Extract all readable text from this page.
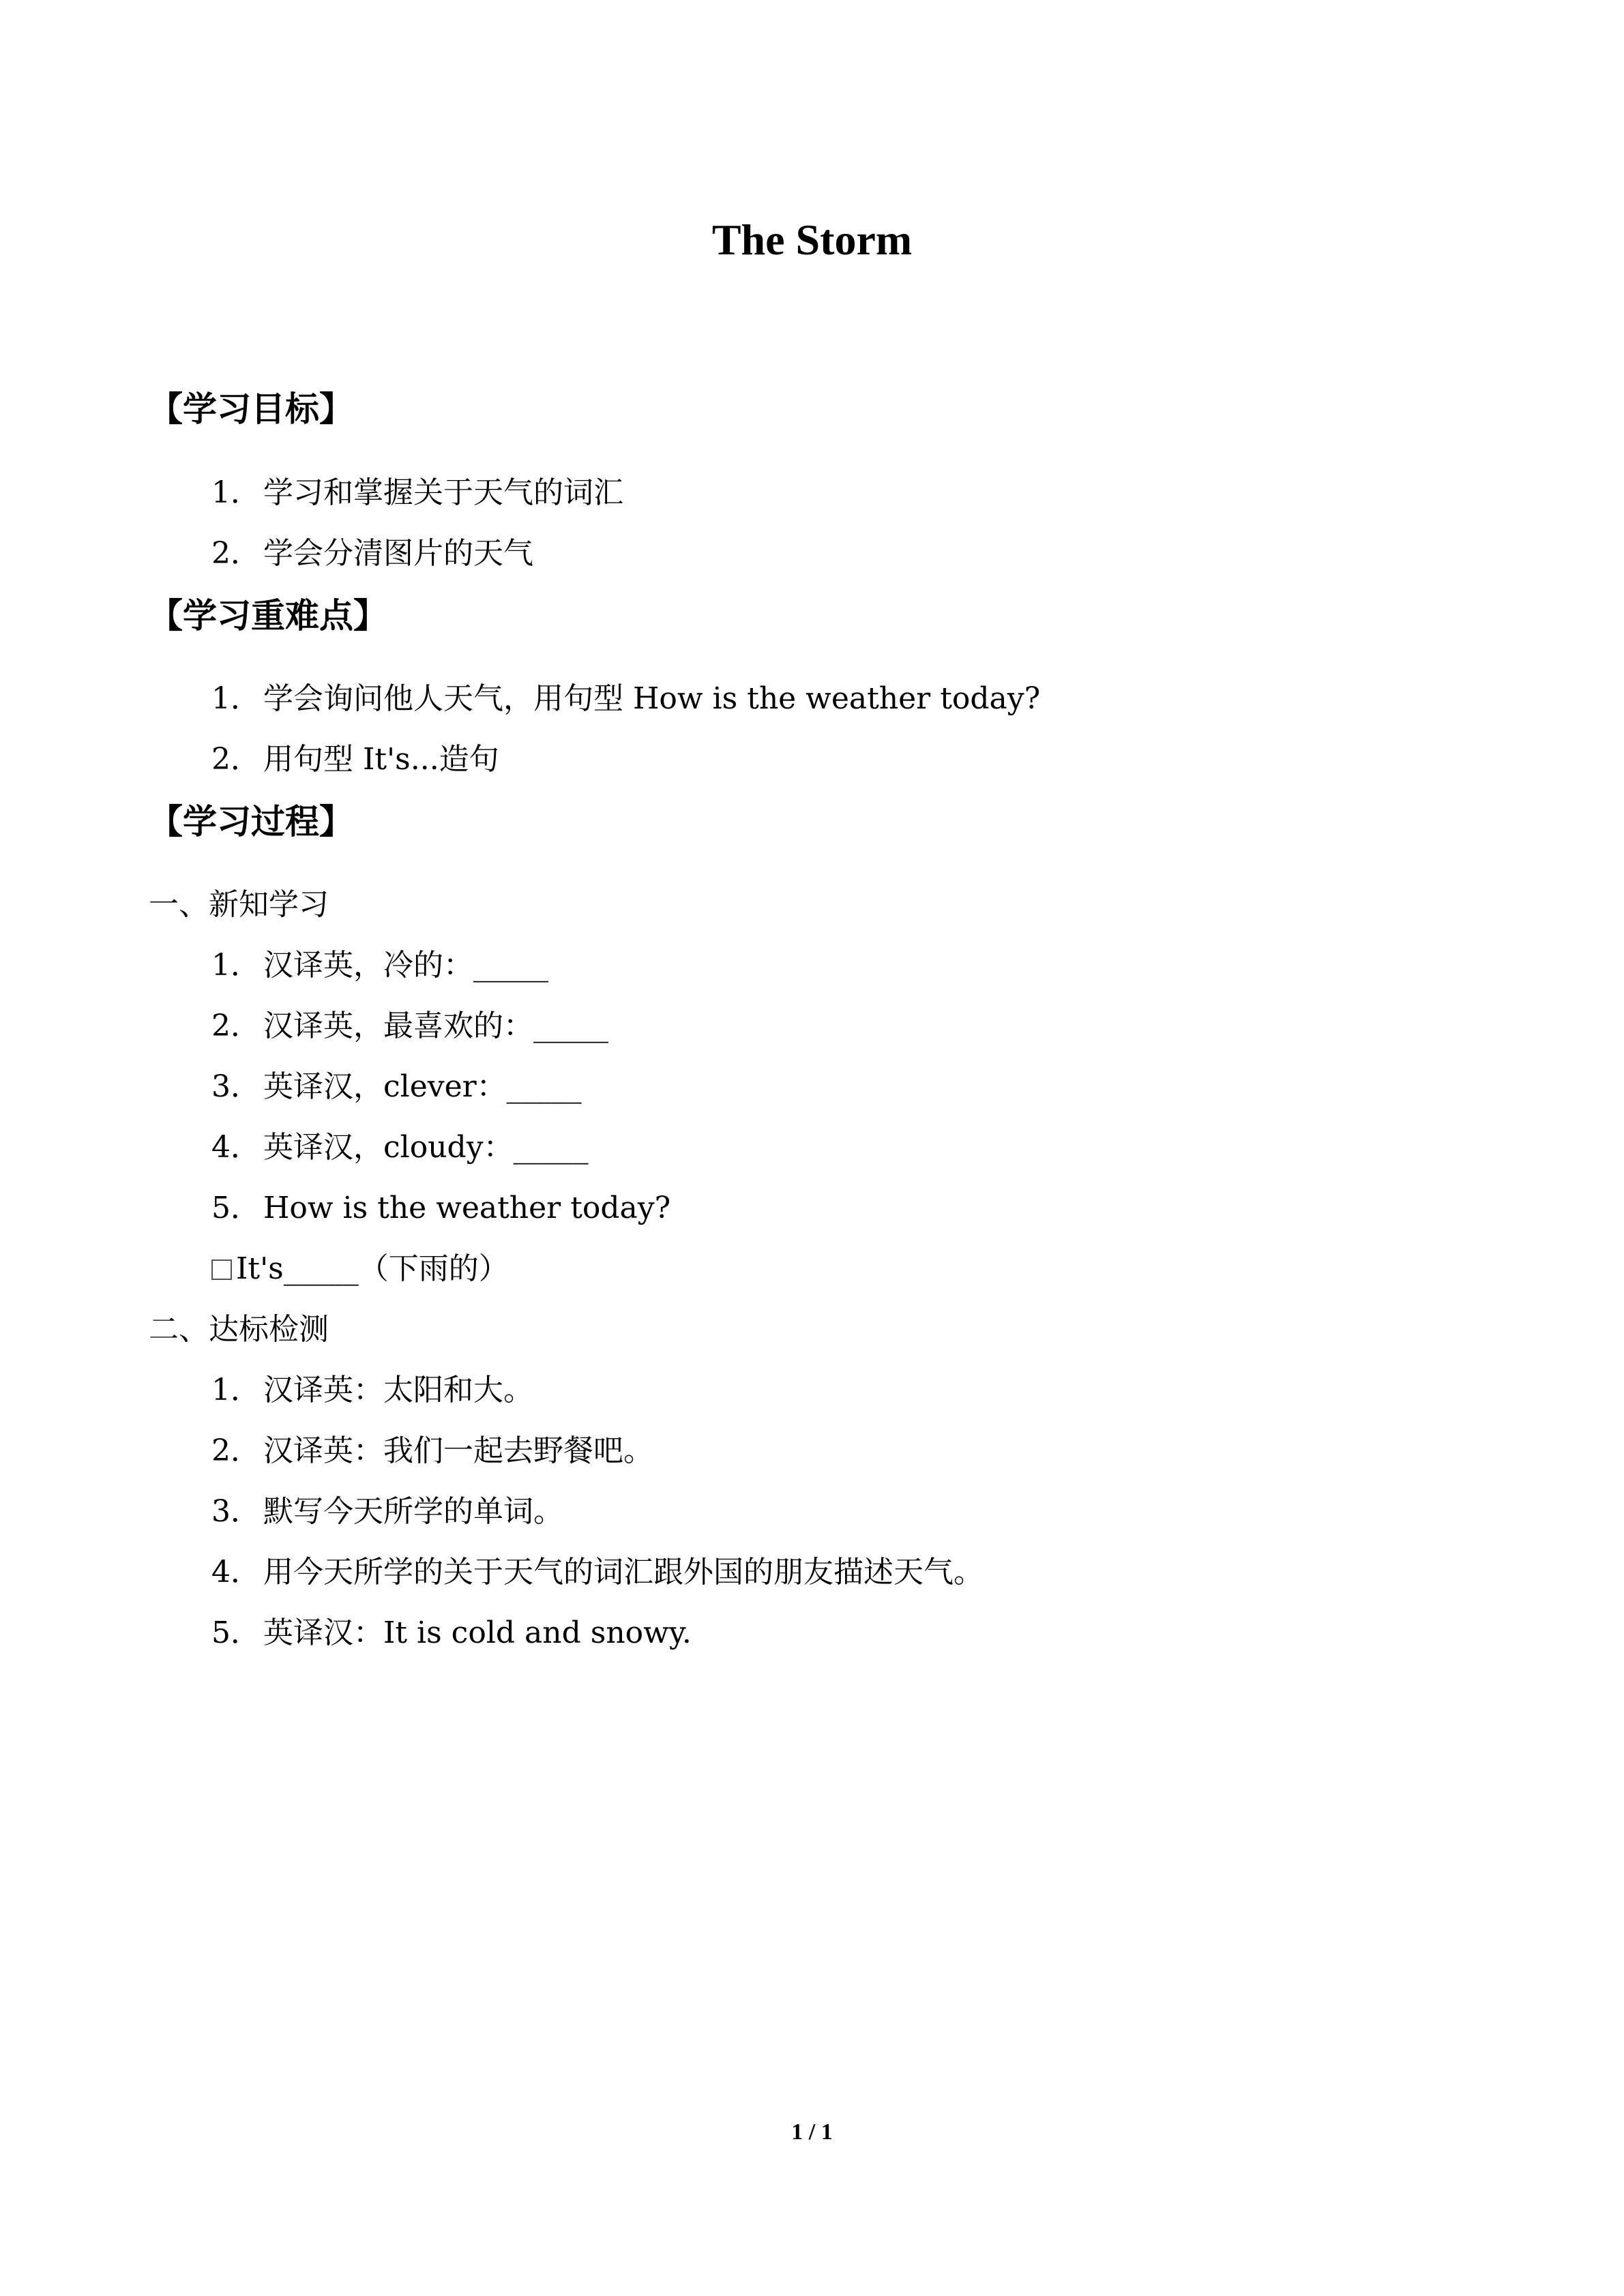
The Storm
【学习目标】
1．学习和掌握关于天气的词汇
2．学会分清图片的天气
【学习重难点】
1．学会询问他人天气，用句型 How is the weather today?
2．用句型 It's...造句
【学习过程】
一、新知学习
1．汉译英，冷的：_____
2．汉译英，最喜欢的：_____
3．英译汉，clever：_____
4．英译汉，cloudy：_____
5．How is the weather today?
It's_____（下雨的）
二、达标检测
1．汉译英：太阳和大。
2．汉译英：我们一起去野餐吧。
3．默写今天所学的单词。
4．用今天所学的关于天气的词汇跟外国的朋友描述天气。
5．英译汉：It is cold and snowy.
1 / 1
